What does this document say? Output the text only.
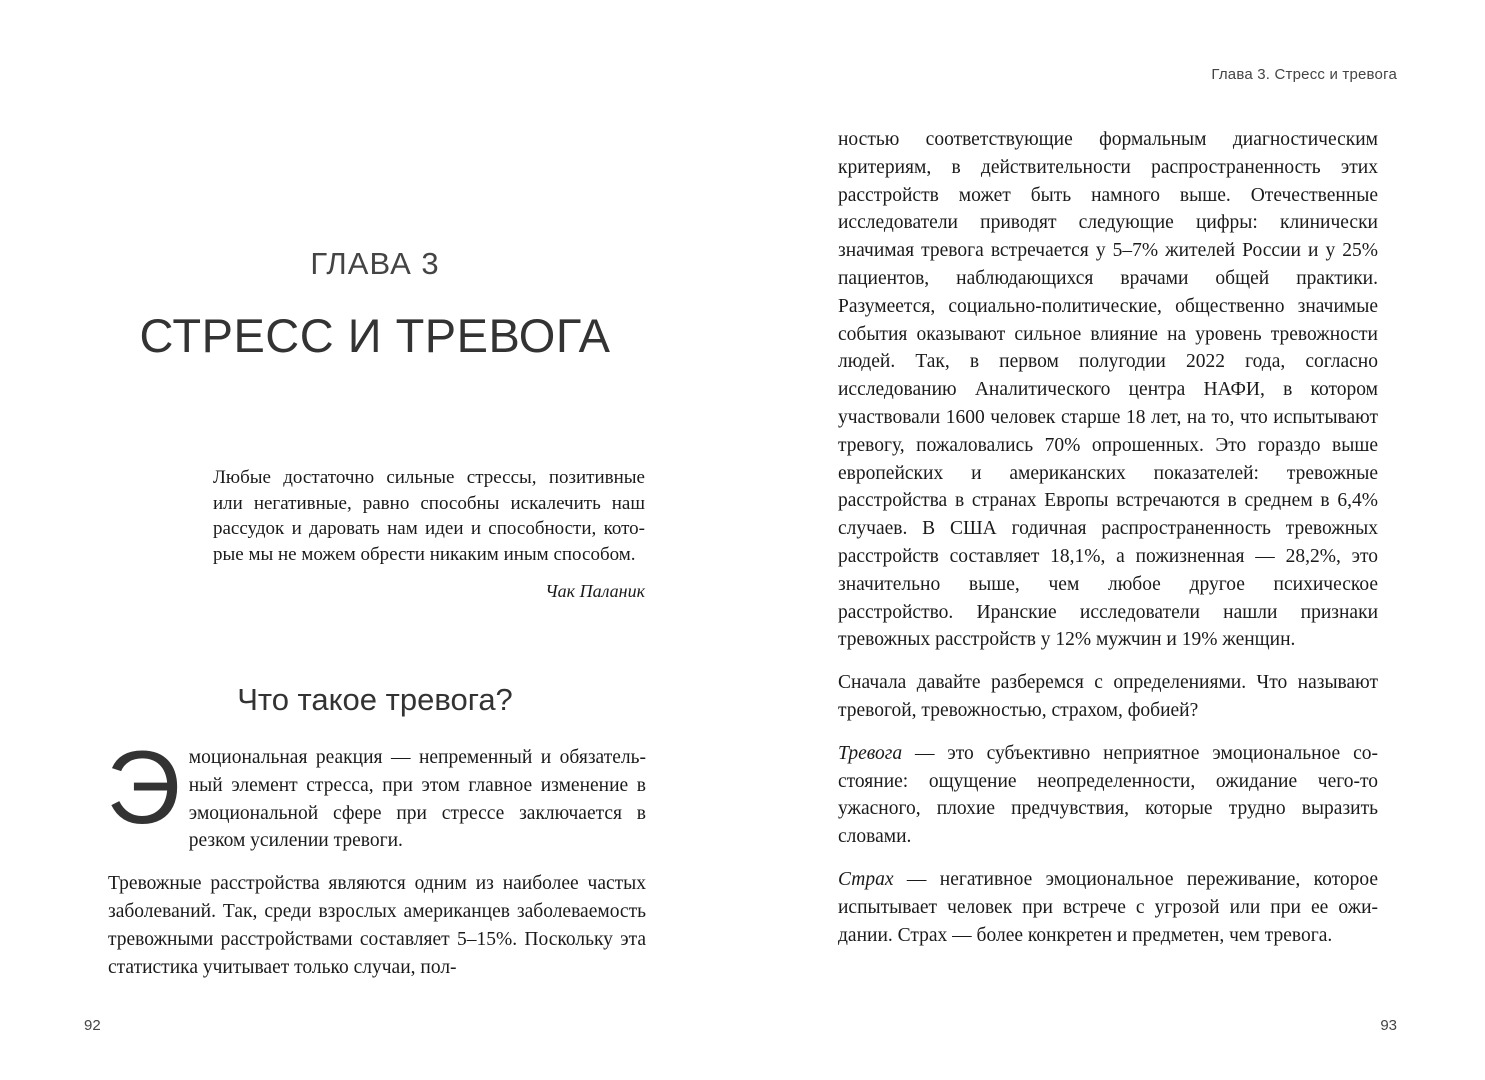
ГЛАВА 3
СТРЕСС И ТРЕВОГА

Любые достаточно сильные стрессы, позитивные или негативные, равно способны искалечить наш рассудок и даровать нам идеи и способности, которые мы не можем обрести никаким иным способом.

Чак Паланик
Что такое тревога?

Эмоциональная реакция — непременный и обязательный элемент стресса, при этом главное изменение в эмоциональной сфере при стрессе заключается в резком усилении тревоги.

Тревожные расстройства являются одним из наиболее частых заболеваний. Так, среди взрослых американцев заболеваемость тревожными расстройствами составляет 5–15%. Поскольку эта статистика учитывает только случаи, пол-

92
Глава 3. Стресс и тревога

ностью соответствующие формальным диагностическим критериям, в действительности распространенность этих расстройств может быть намного выше. Отечественные исследователи приводят следующие цифры: клинически значимая тревога встречается у 5–7% жителей России и у 25% пациентов, наблюдающихся врачами общей практики. Разумеется, социально-политические, общественно значимые события оказывают сильное влияние на уровень тревожности людей. Так, в первом полугодии 2022 года, согласно исследованию Аналитического центра НАФИ, в котором участвовали 1600 человек старше 18 лет, на то, что испытывают тревогу, пожаловались 70% опрошенных. Это гораздо выше европейских и американских показателей: тревожные расстройства в странах Европы встречаются в среднем в 6,4% случаев. В США годичная распространенность тревожных расстройств составляет 18,1%, а пожизненная — 28,2%, это значительно выше, чем любое другое психическое расстройство. Иранские исследователи нашли признаки тревожных расстройств у 12% мужчин и 19% женщин.

Сначала давайте разберемся с определениями. Что называют тревогой, тревожностью, страхом, фобией?

Тревога — это субъективно неприятное эмоциональное состояние: ощущение неопределенности, ожидание чего-то ужасного, плохие предчувствия, которые трудно выразить словами.

Страх — негативное эмоциональное переживание, которое испытывает человек при встрече с угрозой или при ее ожидании. Страх — более конкретен и предметен, чем тревога.

93
